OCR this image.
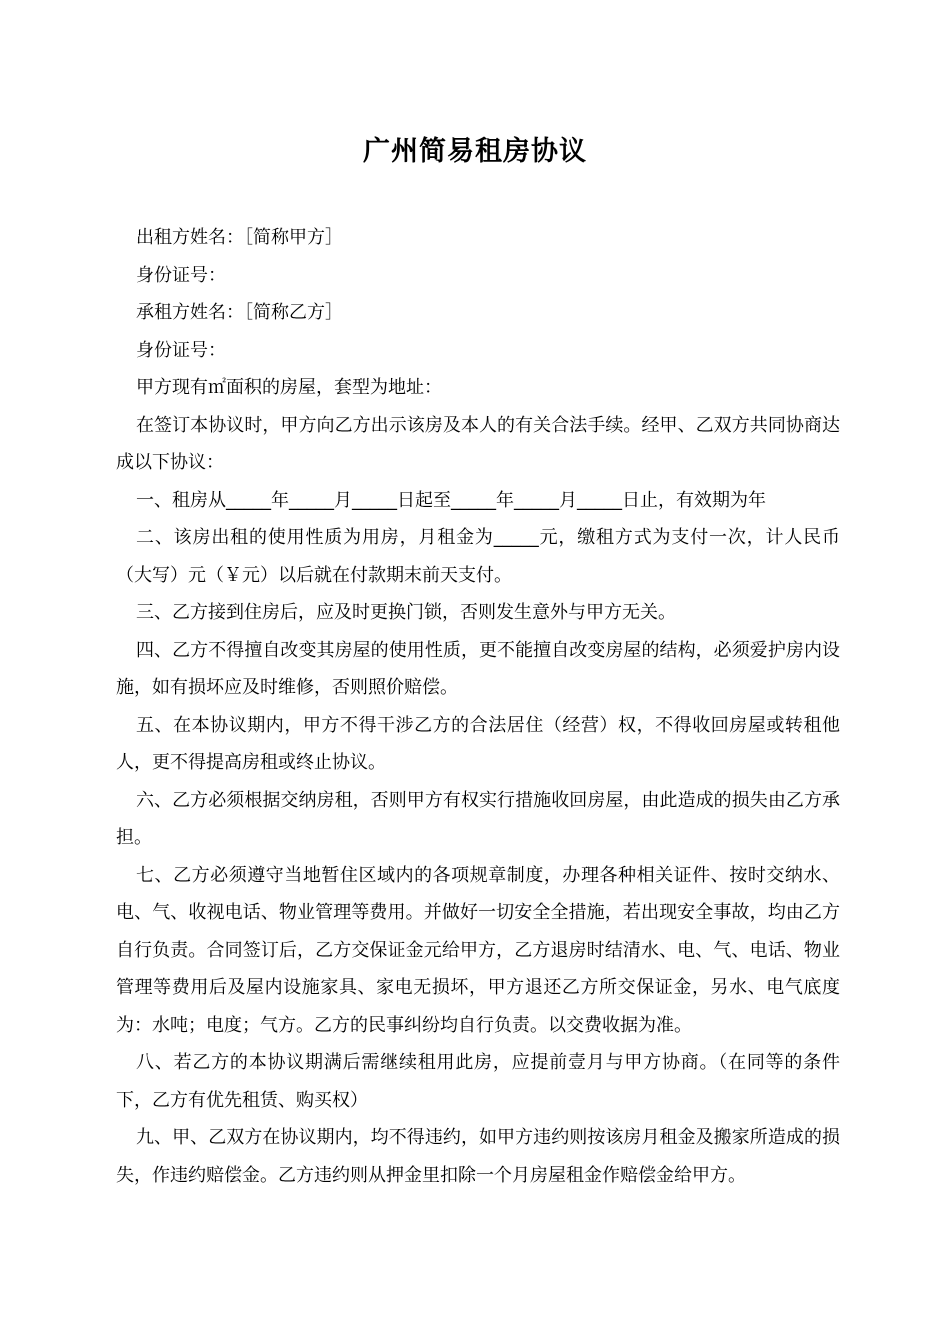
广州简易租房协议

出租方姓名：［简称甲方］

身份证号：

承租方姓名：［简称乙方］

身份证号：

甲方现有㎡面积的房屋，套型为地址：

在签订本协议时，甲方向乙方出示该房及本人的有关合法手续。经甲、乙双方共同协商达成以下协议：

一、租房从_____年_____月_____日起至_____年_____月_____日止，有效期为年

二、该房出租的使用性质为用房，月租金为_____元，缴租方式为支付一次，计人民币（大写）元（￥元）以后就在付款期末前天支付。

三、乙方接到住房后，应及时更换门锁，否则发生意外与甲方无关。

四、乙方不得擅自改变其房屋的使用性质，更不能擅自改变房屋的结构，必须爱护房内设施，如有损坏应及时维修，否则照价赔偿。

五、在本协议期内，甲方不得干涉乙方的合法居住（经营）权，不得收回房屋或转租他人，更不得提高房租或终止协议。

六、乙方必须根据交纳房租，否则甲方有权实行措施收回房屋，由此造成的损失由乙方承担。

七、乙方必须遵守当地暂住区域内的各项规章制度，办理各种相关证件、按时交纳水、电、气、收视电话、物业管理等费用。并做好一切安全全措施，若出现安全事故，均由乙方自行负责。合同签订后，乙方交保证金元给甲方，乙方退房时结清水、电、气、电话、物业管理等费用后及屋内设施家具、家电无损坏，甲方退还乙方所交保证金，另水、电气底度为：水吨；电度；气方。乙方的民事纠纷均自行负责。以交费收据为准。

八、若乙方的本协议期满后需继续租用此房，应提前壹月与甲方协商。（在同等的条件下，乙方有优先租赁、购买权）

九、甲、乙双方在协议期内，均不得违约，如甲方违约则按该房月租金及搬家所造成的损失，作违约赔偿金。乙方违约则从押金里扣除一个月房屋租金作赔偿金给甲方。
